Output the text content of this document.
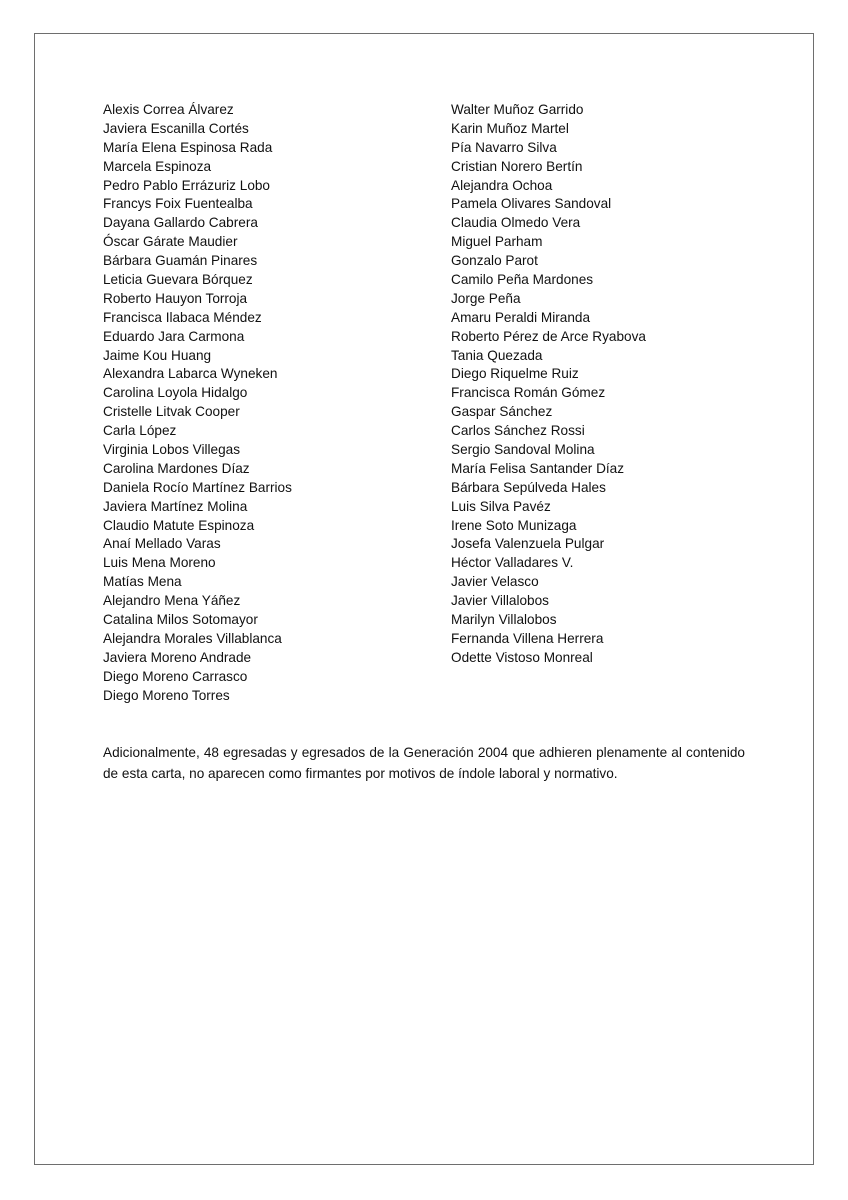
Alexis Correa Álvarez
Javiera Escanilla Cortés
María Elena Espinosa Rada
Marcela Espinoza
Pedro Pablo Errázuriz Lobo
Francys Foix Fuentealba
Dayana Gallardo Cabrera
Óscar Gárate Maudier
Bárbara Guamán Pinares
Leticia Guevara Bórquez
Roberto Hauyon Torroja
Francisca Ilabaca Méndez
Eduardo Jara Carmona
Jaime Kou Huang
Alexandra Labarca Wyneken
Carolina Loyola Hidalgo
Cristelle Litvak Cooper
Carla López
Virginia Lobos Villegas
Carolina Mardones Díaz
Daniela Rocío Martínez Barrios
Javiera Martínez Molina
Claudio Matute Espinoza
Anaí Mellado Varas
Luis Mena Moreno
Matías Mena
Alejandro Mena Yáñez
Catalina Milos Sotomayor
Alejandra Morales Villablanca
Javiera Moreno Andrade
Diego Moreno Carrasco
Diego Moreno Torres
Walter Muñoz Garrido
Karin Muñoz Martel
Pía Navarro Silva
Cristian Norero Bertín
Alejandra Ochoa
Pamela Olivares Sandoval
Claudia Olmedo Vera
Miguel Parham
Gonzalo Parot
Camilo Peña Mardones
Jorge Peña
Amaru Peraldi Miranda
Roberto Pérez de Arce Ryabova
Tania Quezada
Diego Riquelme Ruiz
Francisca Román Gómez
Gaspar Sánchez
Carlos Sánchez Rossi
Sergio Sandoval Molina
María Felisa Santander Díaz
Bárbara Sepúlveda Hales
Luis Silva Pavéz
Irene Soto Munizaga
Josefa Valenzuela Pulgar
Héctor Valladares V.
Javier Velasco
Javier Villalobos
Marilyn Villalobos
Fernanda Villena Herrera
Odette Vistoso Monreal

Adicionalmente, 48 egresadas y egresados de la Generación 2004 que adhieren plenamente al contenido de esta carta, no aparecen como firmantes por motivos de índole laboral y normativo.
